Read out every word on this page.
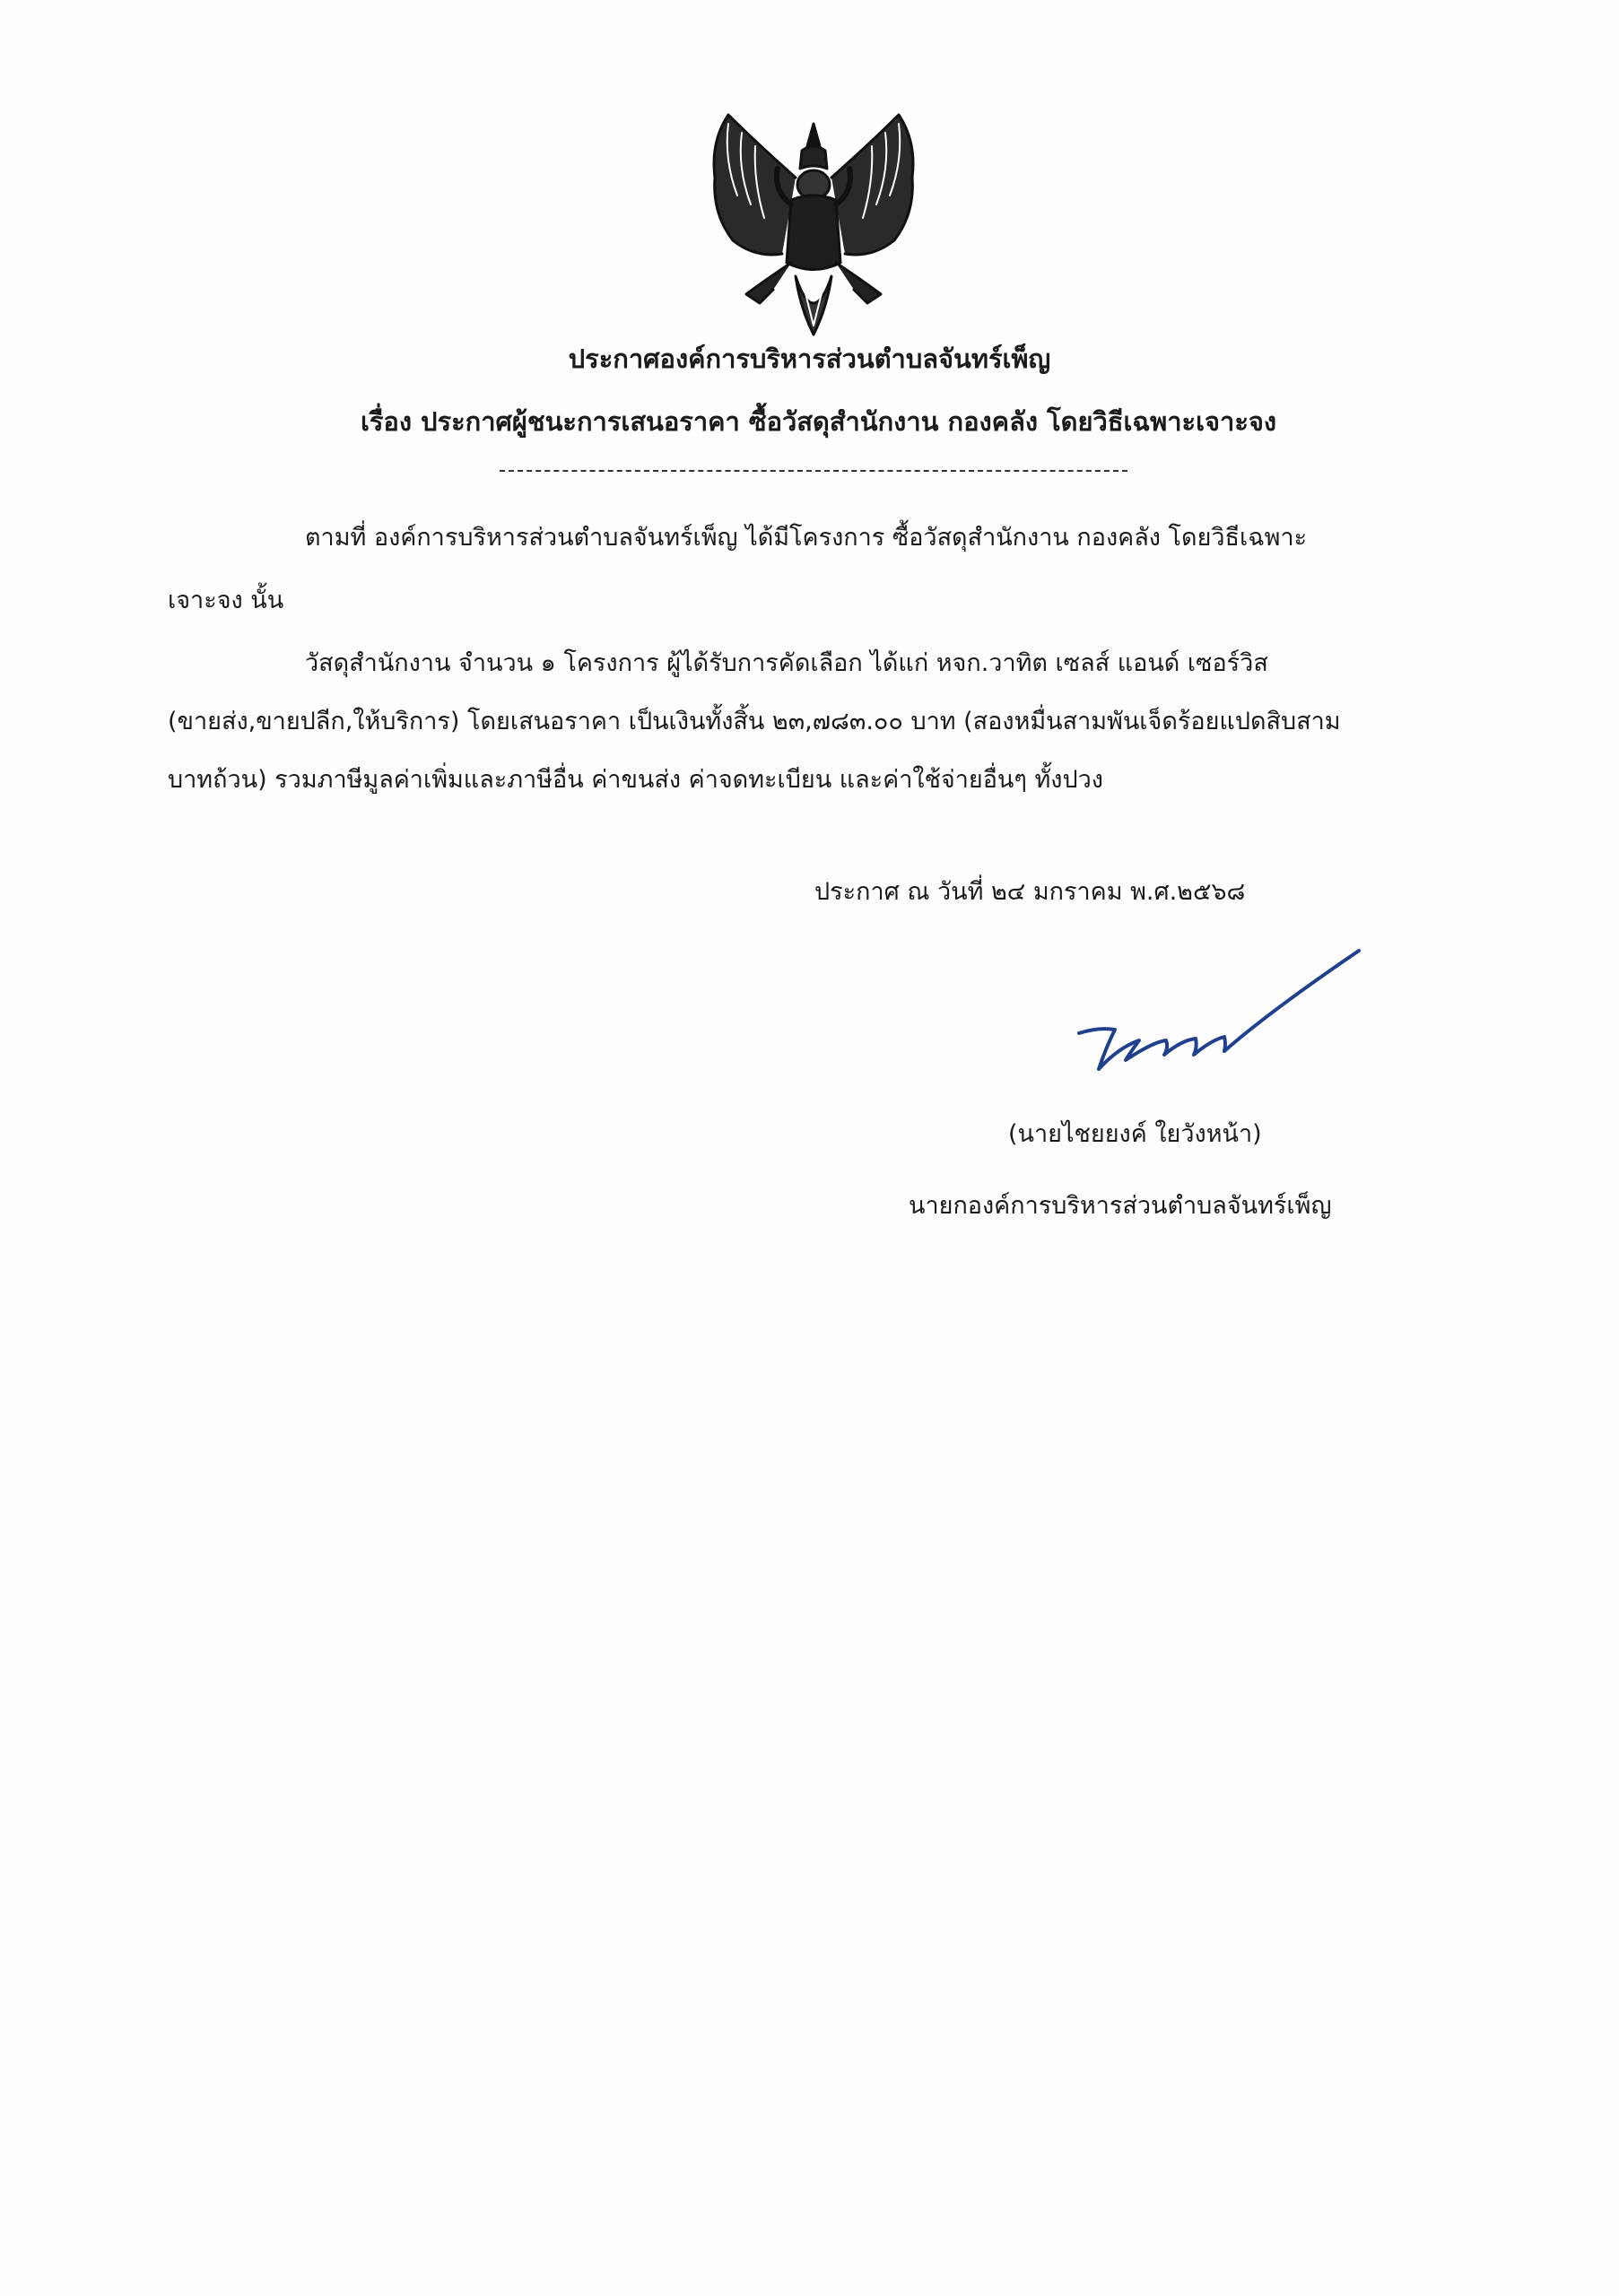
ประกาศองค์การบริหารส่วนตำบลจันทร์เพ็ญ
เรื่อง ประกาศผู้ชนะการเสนอราคา ซื้อวัสดุสำนักงาน กองคลัง โดยวิธีเฉพาะเจาะจง
ตามที่ องค์การบริหารส่วนตำบลจันทร์เพ็ญ ได้มีโครงการ ซื้อวัสดุสำนักงาน กองคลัง โดยวิธีเฉพาะ
เจาะจง นั้น
วัสดุสำนักงาน จำนวน ๑ โครงการ ผู้ได้รับการคัดเลือก ได้แก่ หจก.วาทิต เซลส์ แอนด์ เซอร์วิส
(ขายส่ง,ขายปลีก,ให้บริการ) โดยเสนอราคา เป็นเงินทั้งสิ้น ๒๓,๗๘๓.๐๐ บาท (สองหมื่นสามพันเจ็ดร้อยแปดสิบสาม
บาทถ้วน) รวมภาษีมูลค่าเพิ่มและภาษีอื่น ค่าขนส่ง ค่าจดทะเบียน และค่าใช้จ่ายอื่นๆ ทั้งปวง
ประกาศ ณ วันที่ ๒๔ มกราคม พ.ศ.๒๕๖๘
(นายไชยยงค์ ใยวังหน้า)
นายกองค์การบริหารส่วนตำบลจันทร์เพ็ญ
